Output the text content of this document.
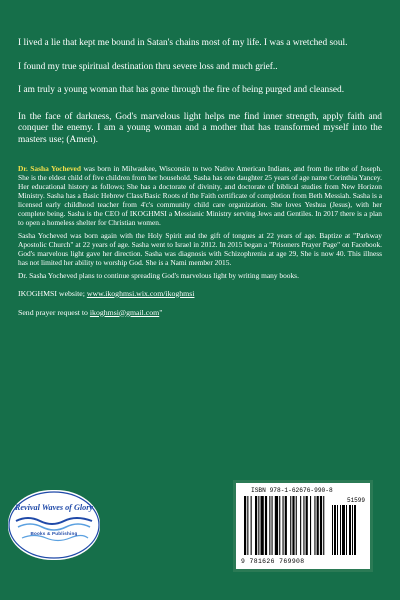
I lived a lie that kept me bound in Satan's chains most of my life. I was a wretched soul.

I found my true spiritual destination thru severe loss and much grief..

I am truly a young woman that has gone through the fire of being purged and cleansed.

In the face of darkness, God's marvelous light helps me find inner strength, apply faith and conquer the enemy. I am a young woman and a mother that has transformed myself into the masters use; (Amen).

Dr. Sasha Yocheved was born in Milwaukee, Wisconsin to two Native American Indians, and from the tribe of Joseph. She is the eldest child of five children from her household. Sasha has one daughter 25 years of age name Corinthia Yancey. Her educational history as follows; She has a doctorate of divinity, and doctorate of biblical studies from New Horizon Ministry. Sasha has a Basic Hebrew Class/Basic Roots of the Faith certificate of completion from Beth Messiah. Sasha is a licensed early childhood teacher from 4'c's community child care organization. She loves Yeshua (Jesus), with her complete being. Sasha is the CEO of IKOGHMSI a Messianic Ministry serving Jews and Gentiles. In 2017 there is a plan to open a homeless shelter for Christian women.

Sasha Yocheved was born again with the Holy Spirit and the gift of tongues at 22 years of age. Baptize at "Parkway Apostolic Church" at 22 years of age. Sasha went to Israel in 2012. In 2015 began a "Prisoners Prayer Page" on Facebook. God's marvelous light gave her direction. Sasha was diagnosis with Schizophrenia at age 29, She is now 40. This illness has not limited her ability to worship God. She is a Nami member 2015.

Dr. Sasha Yocheved plans to continue spreading God's marvelous light by writing many books.

IKOGHMSI website; www.ikoghmsi.wix.com/ikoghmsi

Send prayer request to ikoghmsi@gmail.com"

Revival Waves of Glory
Books & Publishing
ISBN 978-1-62676-990-8
51599
9 781626 769908
